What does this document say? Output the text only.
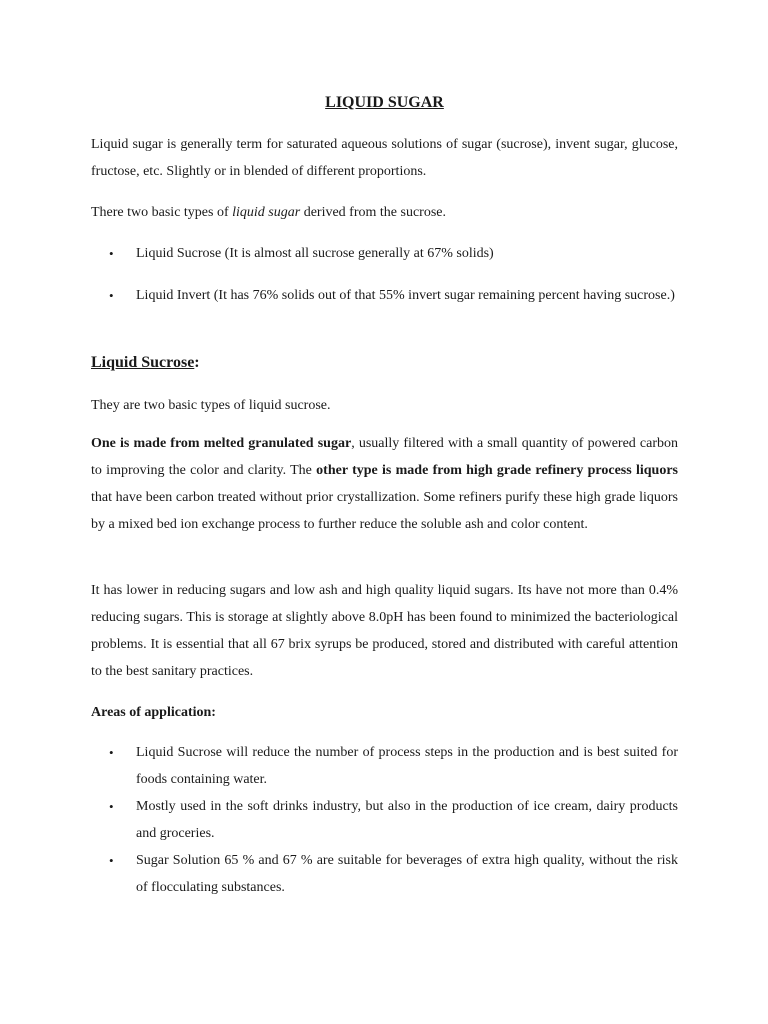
LIQUID SUGAR

Liquid sugar is generally term for saturated aqueous solutions of sugar (sucrose), invent sugar, glucose, fructose, etc. Slightly or in blended of different proportions.

There two basic types of liquid sugar derived from the sucrose.

• Liquid Sucrose (It is almost all sucrose generally at 67% solids)

• Liquid Invert (It has 76% solids out of that 55% invert sugar remaining percent having sucrose.)

Liquid Sucrose:

They are two basic types of liquid sucrose.

One is made from melted granulated sugar, usually filtered with a small quantity of powered carbon to improving the color and clarity. The other type is made from high grade refinery process liquors that have been carbon treated without prior crystallization. Some refiners purify these high grade liquors by a mixed bed ion exchange process to further reduce the soluble ash and color content.

It has lower in reducing sugars and low ash and high quality liquid sugars. Its have not more than 0.4% reducing sugars. This is storage at slightly above 8.0pH has been found to minimized the bacteriological problems. It is essential that all 67 brix syrups be produced, stored and distributed with careful attention to the best sanitary practices.

Areas of application:

• Liquid Sucrose will reduce the number of process steps in the production and is best suited for foods containing water.

• Mostly used in the soft drinks industry, but also in the production of ice cream, dairy products and groceries.

• Sugar Solution 65 % and 67 % are suitable for beverages of extra high quality, without the risk of flocculating substances.
